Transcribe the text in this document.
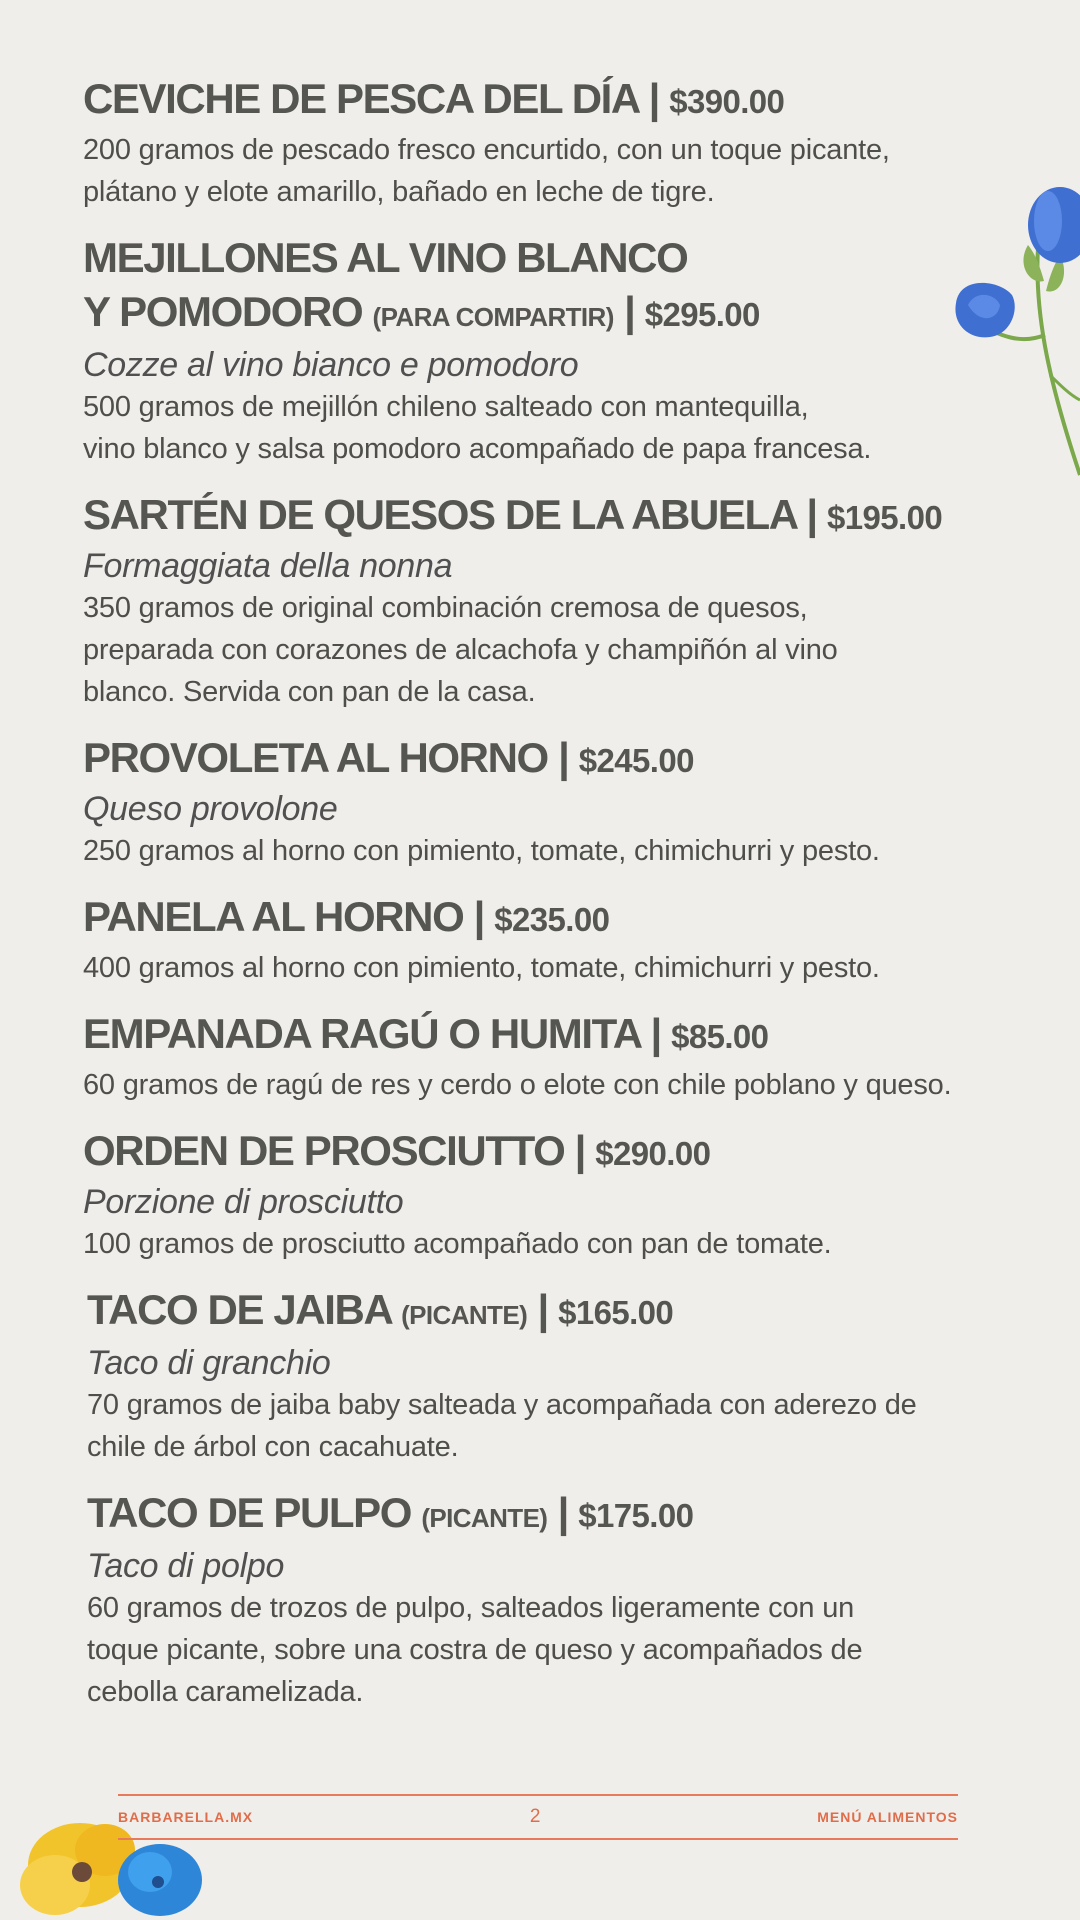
CEVICHE DE PESCA DEL DÍA | $390.00
200 gramos de pescado fresco encurtido, con un toque picante,
plátano y elote amarillo, bañado en leche de tigre.
MEJILLONES AL VINO BLANCO
Y POMODORO (PARA COMPARTIR) | $295.00
Cozze al vino bianco e pomodoro
500 gramos de mejillón chileno salteado con mantequilla,
vino blanco y salsa pomodoro acompañado de papa francesa.
SARTÉN DE QUESOS DE LA ABUELA | $195.00
Formaggiata della nonna
350 gramos de original combinación cremosa de quesos,
preparada con corazones de alcachofa y champiñón al vino
blanco. Servida con pan de la casa.
PROVOLETA AL HORNO | $245.00
Queso provolone
250 gramos al horno con pimiento, tomate, chimichurri y pesto.
PANELA AL HORNO | $235.00
400 gramos al horno con pimiento, tomate, chimichurri y pesto.
EMPANADA RAGÚ O HUMITA | $85.00
60 gramos de ragú de res y cerdo o elote con chile poblano y queso.
ORDEN DE PROSCIUTTO | $290.00
Porzione di prosciutto
100 gramos de prosciutto acompañado con pan de tomate.
TACO DE JAIBA (PICANTE) | $165.00
Taco di granchio
70 gramos de jaiba baby salteada y acompañada con aderezo de
chile de árbol con cacahuate.
TACO DE PULPO (PICANTE) | $175.00
Taco di polpo
60 gramos de trozos de pulpo, salteados ligeramente con un
toque picante, sobre una costra de queso y acompañados de
cebolla caramelizada.
BARBARELLA.MX	2	MENÚ ALIMENTOS
